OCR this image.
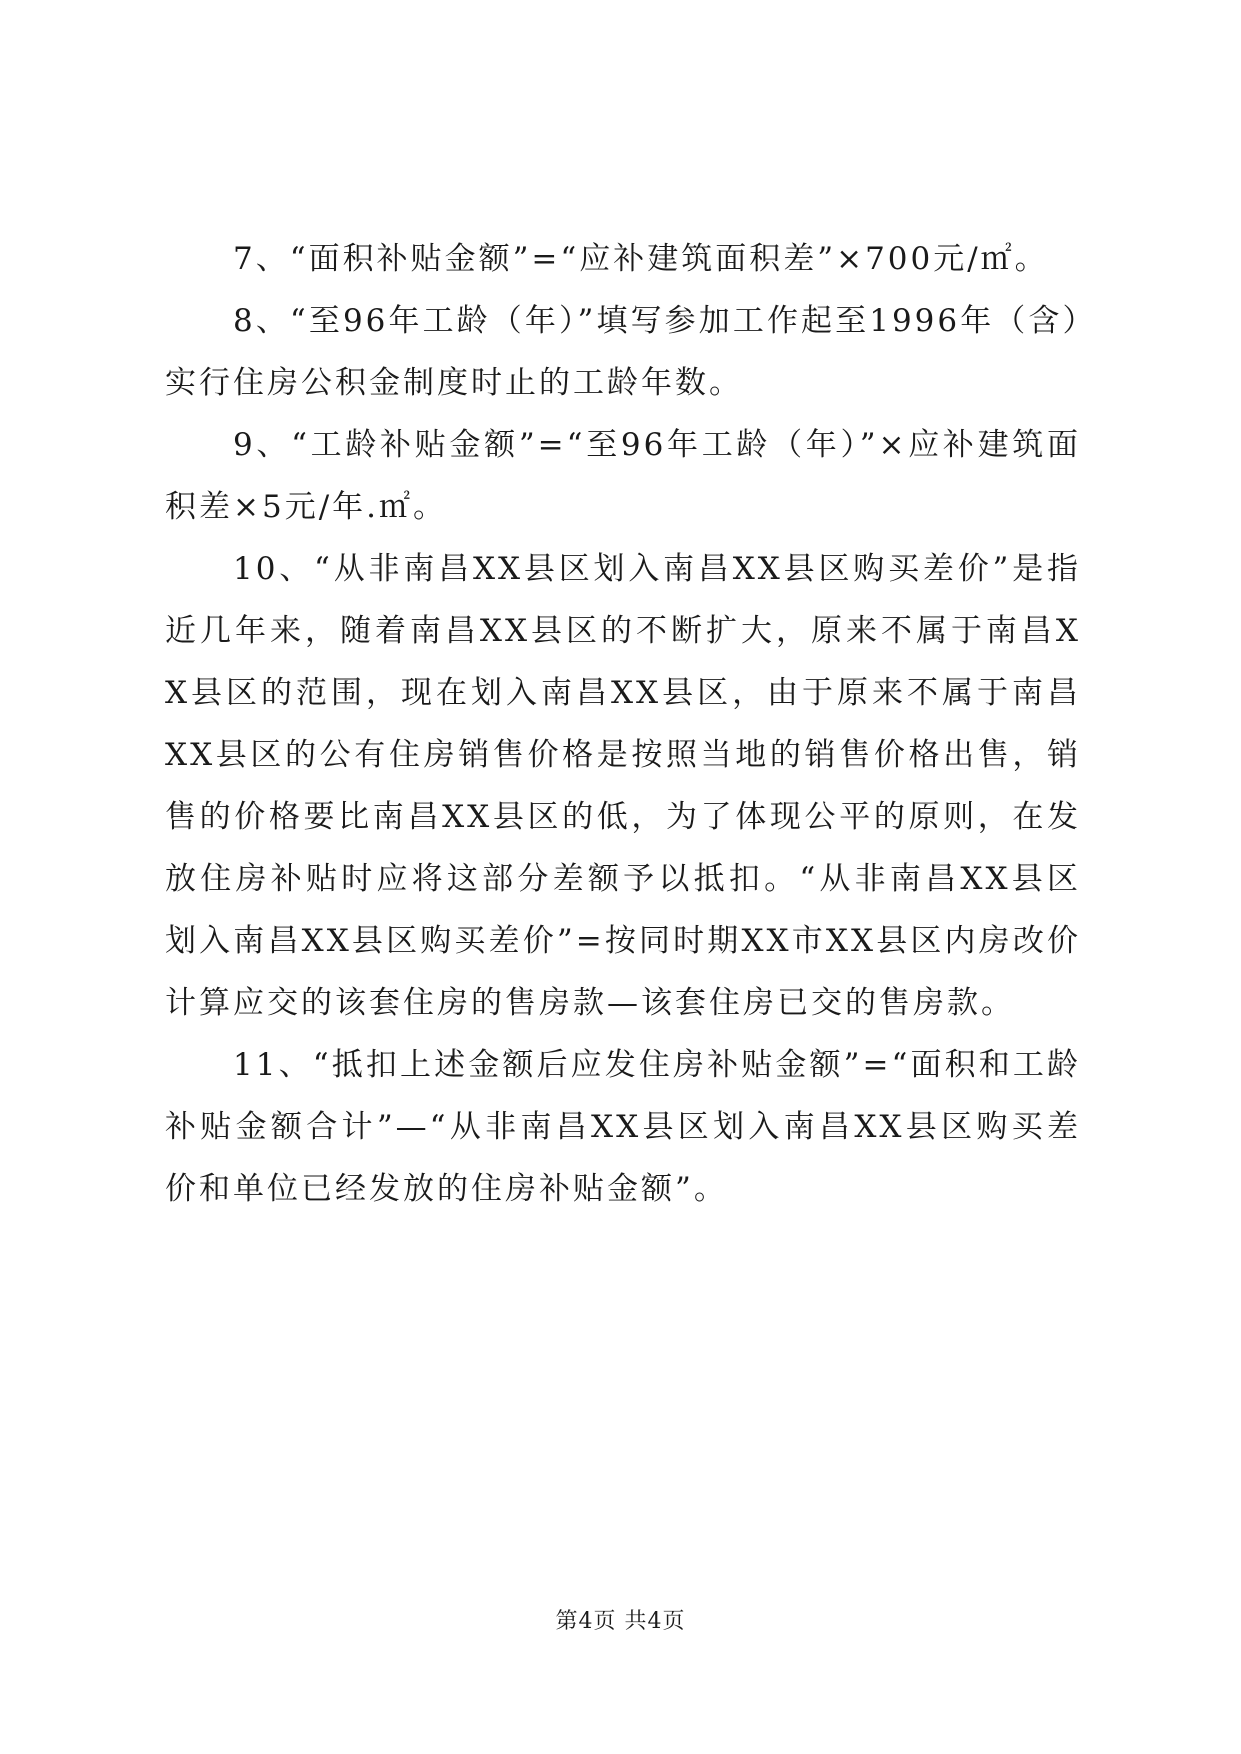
7、“面积补贴金额”=“应补建筑面积差”×700元/㎡。

8、“至96年工龄（年）”填写参加工作起至1996年（含）实行住房公积金制度时止的工龄年数。

9、“工龄补贴金额”=“至96年工龄（年）”×应补建筑面积差×5元/年.㎡。

10、“从非南昌XX县区划入南昌XX县区购买差价”是指近几年来，随着南昌XX县区的不断扩大，原来不属于南昌XX县区的范围，现在划入南昌XX县区，由于原来不属于南昌XX县区的公有住房销售价格是按照当地的销售价格出售，销售的价格要比南昌XX县区的低，为了体现公平的原则，在发放住房补贴时应将这部分差额予以抵扣。“从非南昌XX县区划入南昌XX县区购买差价”=按同时期XX市XX县区内房改价计算应交的该套住房的售房款—该套住房已交的售房款。

11、“抵扣上述金额后应发住房补贴金额”=“面积和工龄补贴金额合计”—“从非南昌XX县区划入南昌XX县区购买差价和单位已经发放的住房补贴金额”。

第4页 共4页
